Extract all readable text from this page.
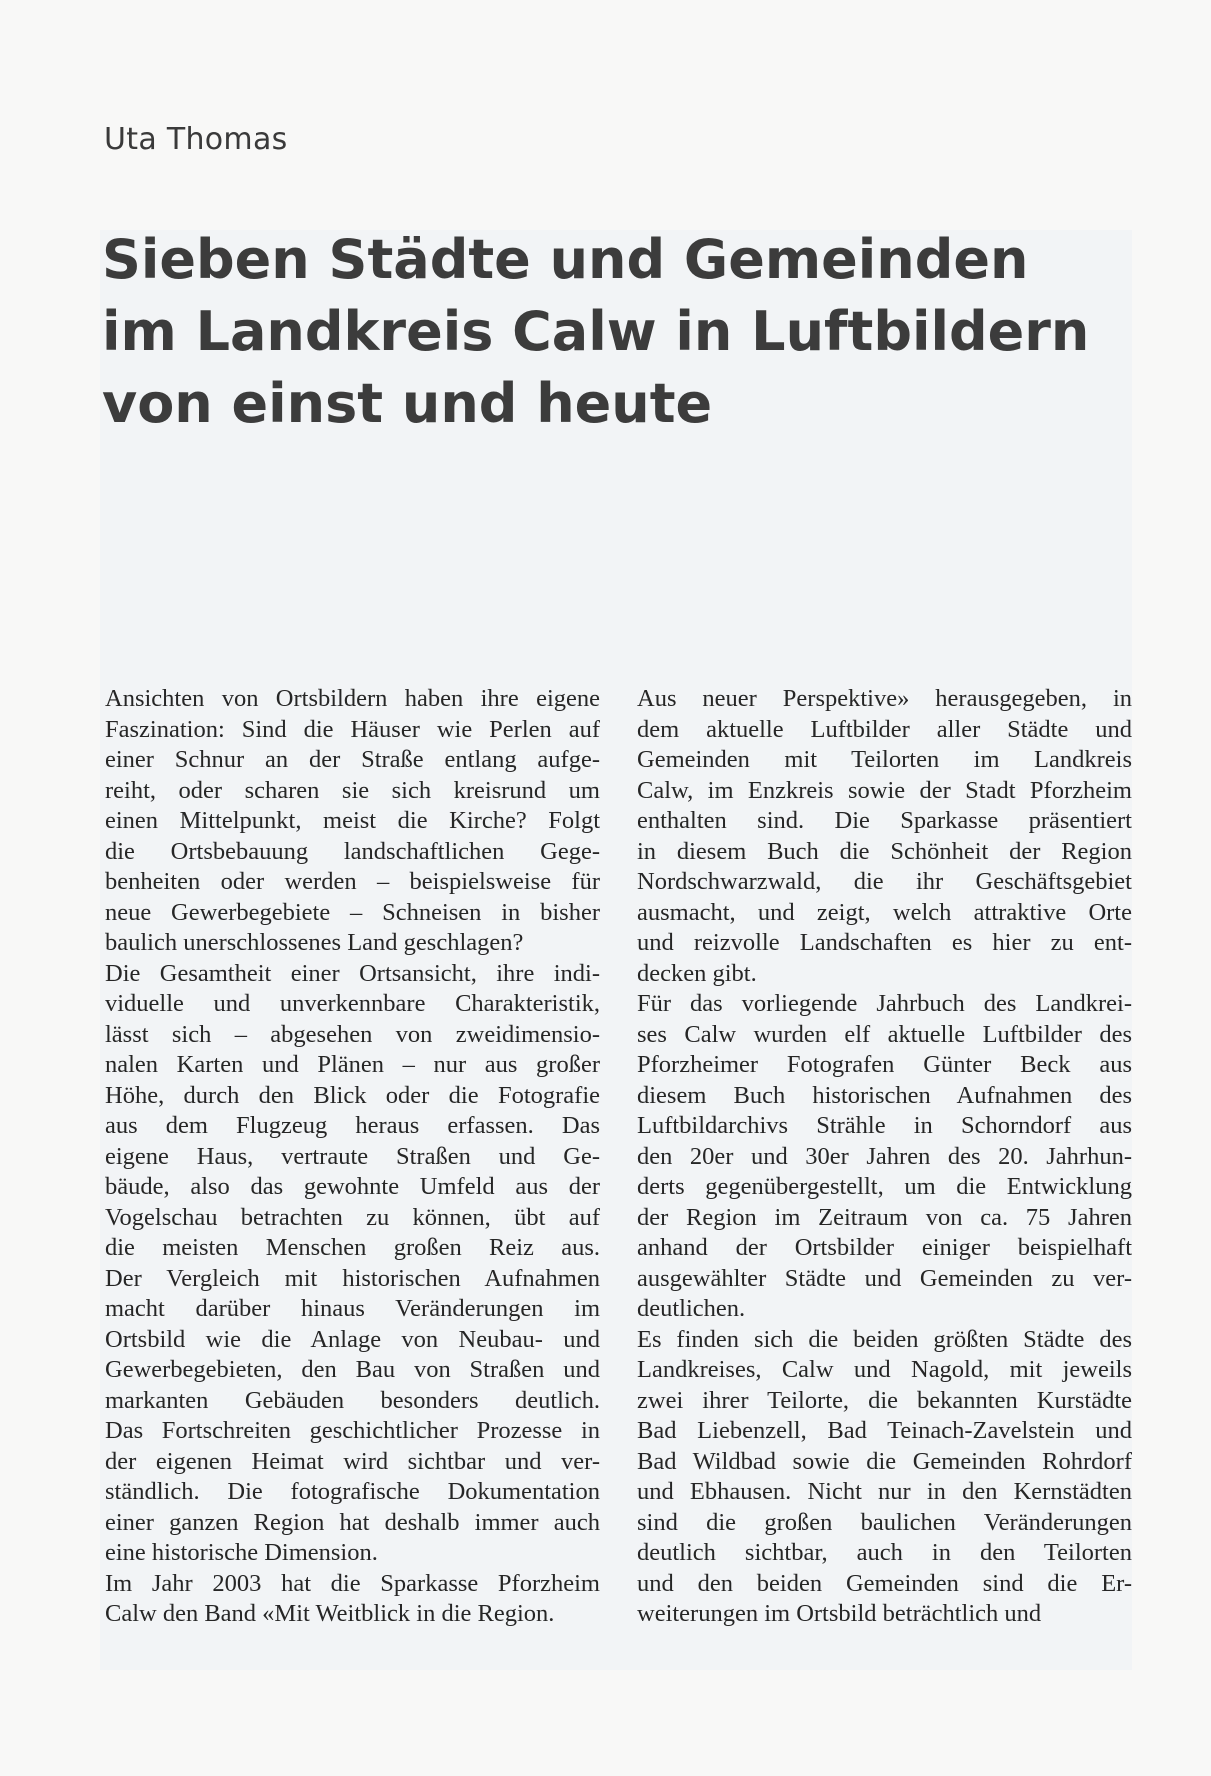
Uta Thomas
Sieben Städte und Gemeinden
im Landkreis Calw in Luftbildern
von einst und heute
Ansichten von Ortsbildern haben ihre eigene
Faszination: Sind die Häuser wie Perlen auf
einer Schnur an der Straße entlang aufge-
reiht, oder scharen sie sich kreisrund um
einen Mittelpunkt, meist die Kirche? Folgt
die Ortsbebauung landschaftlichen Gege-
benheiten oder werden – beispielsweise für
neue Gewerbegebiete – Schneisen in bisher
baulich unerschlossenes Land geschlagen?
Die Gesamtheit einer Ortsansicht, ihre indi-
viduelle und unverkennbare Charakteristik,
lässt sich – abgesehen von zweidimensio-
nalen Karten und Plänen – nur aus großer
Höhe, durch den Blick oder die Fotografie
aus dem Flugzeug heraus erfassen. Das
eigene Haus, vertraute Straßen und Ge-
bäude, also das gewohnte Umfeld aus der
Vogelschau betrachten zu können, übt auf
die meisten Menschen großen Reiz aus.
Der Vergleich mit historischen Aufnahmen
macht darüber hinaus Veränderungen im
Ortsbild wie die Anlage von Neubau- und
Gewerbegebieten, den Bau von Straßen und
markanten Gebäuden besonders deutlich.
Das Fortschreiten geschichtlicher Prozesse in
der eigenen Heimat wird sichtbar und ver-
ständlich. Die fotografische Dokumentation
einer ganzen Region hat deshalb immer auch
eine historische Dimension.
Im Jahr 2003 hat die Sparkasse Pforzheim
Calw den Band «Mit Weitblick in die Region.
Aus neuer Perspektive» herausgegeben, in
dem aktuelle Luftbilder aller Städte und
Gemeinden mit Teilorten im Landkreis
Calw, im Enzkreis sowie der Stadt Pforzheim
enthalten sind. Die Sparkasse präsentiert
in diesem Buch die Schönheit der Region
Nordschwarzwald, die ihr Geschäftsgebiet
ausmacht, und zeigt, welch attraktive Orte
und reizvolle Landschaften es hier zu ent-
decken gibt.
Für das vorliegende Jahrbuch des Landkrei-
ses Calw wurden elf aktuelle Luftbilder des
Pforzheimer Fotografen Günter Beck aus
diesem Buch historischen Aufnahmen des
Luftbildarchivs Strähle in Schorndorf aus
den 20er und 30er Jahren des 20. Jahrhun-
derts gegenübergestellt, um die Entwicklung
der Region im Zeitraum von ca. 75 Jahren
anhand der Ortsbilder einiger beispielhaft
ausgewählter Städte und Gemeinden zu ver-
deutlichen.
Es finden sich die beiden größten Städte des
Landkreises, Calw und Nagold, mit jeweils
zwei ihrer Teilorte, die bekannten Kurstädte
Bad Liebenzell, Bad Teinach-Zavelstein und
Bad Wildbad sowie die Gemeinden Rohrdorf
und Ebhausen. Nicht nur in den Kernstädten
sind die großen baulichen Veränderungen
deutlich sichtbar, auch in den Teilorten
und den beiden Gemeinden sind die Er-
weiterungen im Ortsbild beträchtlich und
